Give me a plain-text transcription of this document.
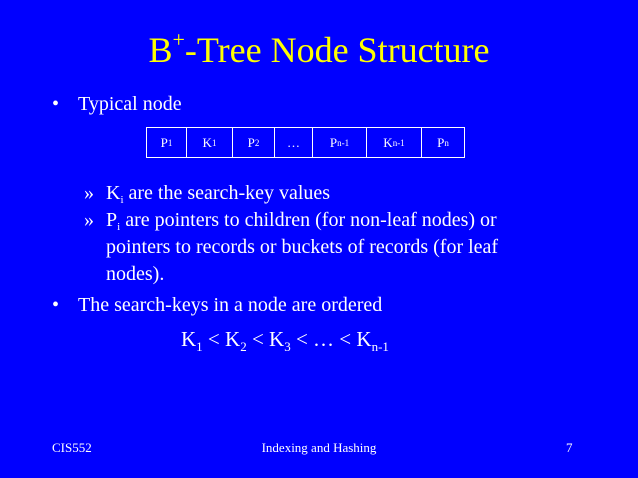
B+-Tree Node Structure
• Typical node
P 1 K 1 P 2 … P n-1	K n-1 P n
» $K_i$ are the search-key values
» $P_i$ are pointers to children (for non-leaf nodes) or pointers to records or buckets of records (for leaf nodes).
• The search-keys in a node are ordered
$K_1 < K_2 < K_3$ < … < $K_{n-1}$
CIS552	Indexing and Hashing	7
